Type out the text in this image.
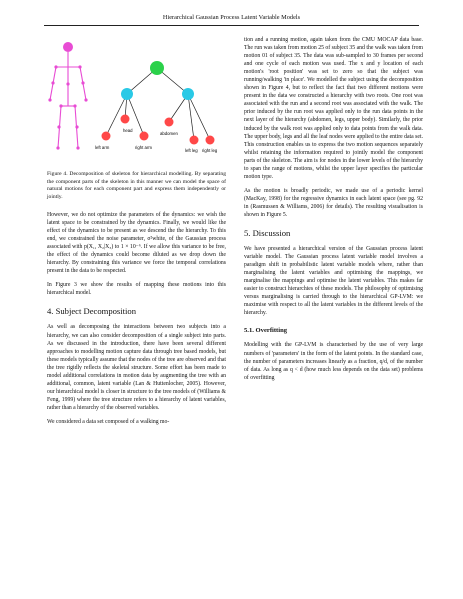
Hierarchical Gaussian Process Latent Variable Models
head
left arm	right arm
abdomen
left leg right leg

Figure 4. Decomposition of skeleton for hierarchical modelling. By separating the component parts of the skeleton in this manner we can model the space of natural motions for each component part and express them independently or jointly.

However, we do not optimize the parameters of the dynamics: we wish the latent space to be constrained by the dynamics. Finally, we would like the effect of the dynamics to be present as we descend the the hierarchy. To this end, we constrained the noise parameter, σ²white, of the Gaussian process associated with p(X₁, X₂|X₃) to 1 × 10⁻⁶. If we allow this variance to be free, the effect of the dynamics could become diluted as we drop down the hierarchy. By constraining this variance we force the temporal correlations present in the data to be respected.

In Figure 3 we show the results of mapping these motions into this hierarchical model.

4. Subject Decomposition

As well as decomposing the interactions between two subjects into a hierarchy, we can also consider decomposition of a single subject into parts. As we discussed in the introduction, there have been several different approaches to modelling motion capture data through tree based models, but these models typically assume that the nodes of the tree are observed and that the tree rigidly reflects the skeletal structure. Some effort has been made to model additional correlations in motion data by augmenting the tree with an additional, common, latent variable (Lan & Huttenlocher, 2005). However, our hierarchical model is closer in structure to the tree models of (Williams & Feng, 1999) where the tree structure refers to a hierarchy of latent variables, rather than a hierarchy of the observed variables.

We considered a data set composed of a walking mo-

tion and a running motion, again taken from the CMU MOCAP data base. The run was taken from motion 25 of subject 35 and the walk was taken from motion 01 of subject 35. The data was sub-sampled to 30 frames per second and one cycle of each motion was used. The x and y location of each motion's 'root position' was set to zero so that the subject was running/walking 'in place'. We modelled the subject using the decomposition shown in Figure 4, but to reflect the fact that two different motions were present in the data we constructed a hierarchy with two roots. One root was associated with the run and a second root was associated with the walk. The prior induced by the run root was applied only to the run data points in the next layer of the hierarchy (abdomen, legs, upper body). Similarly, the prior induced by the walk root was applied only to data points from the walk data. The upper body, legs and all the leaf nodes were applied to the entire data set. This construction enables us to express the two motion sequences separately whilst retaining the information required to jointly model the component parts of the skeleton. The aim is for nodes in the lower levels of the hierarchy to span the range of motions, whilst the upper layer specifies the particular motion type.

As the motion is broadly periodic, we made use of a periodic kernel (MacKay, 1998) for the regressive dynamics in each latent space (see pg. 92 in (Rasmussen & Williams, 2006) for details). The resulting visualisation is shown in Figure 5.

5. Discussion

We have presented a hierarchical version of the Gaussian process latent variable model. The Gaussian process latent variable model involves a paradigm shift in probabilistic latent variable models where, rather than marginalising the latent variables and optimising the mappings, we marginalise the mappings and optimise the latent variables. This makes far easier to construct hierarchies of these models. The philosophy of optimising versus marginalising is carried through to the hierarchical GP-LVM: we maximise with respect to all the latent variables in the different levels of the hierarchy.

5.1. Overfitting

Modelling with the GP-LVM is characterised by the use of very large numbers of 'parameters' in the form of the latent points. In the standard case, the number of parameters increases linearly as a fraction, q/d, of the number of data. As long as q < d (how much less depends on the data set) problems of overfitting
